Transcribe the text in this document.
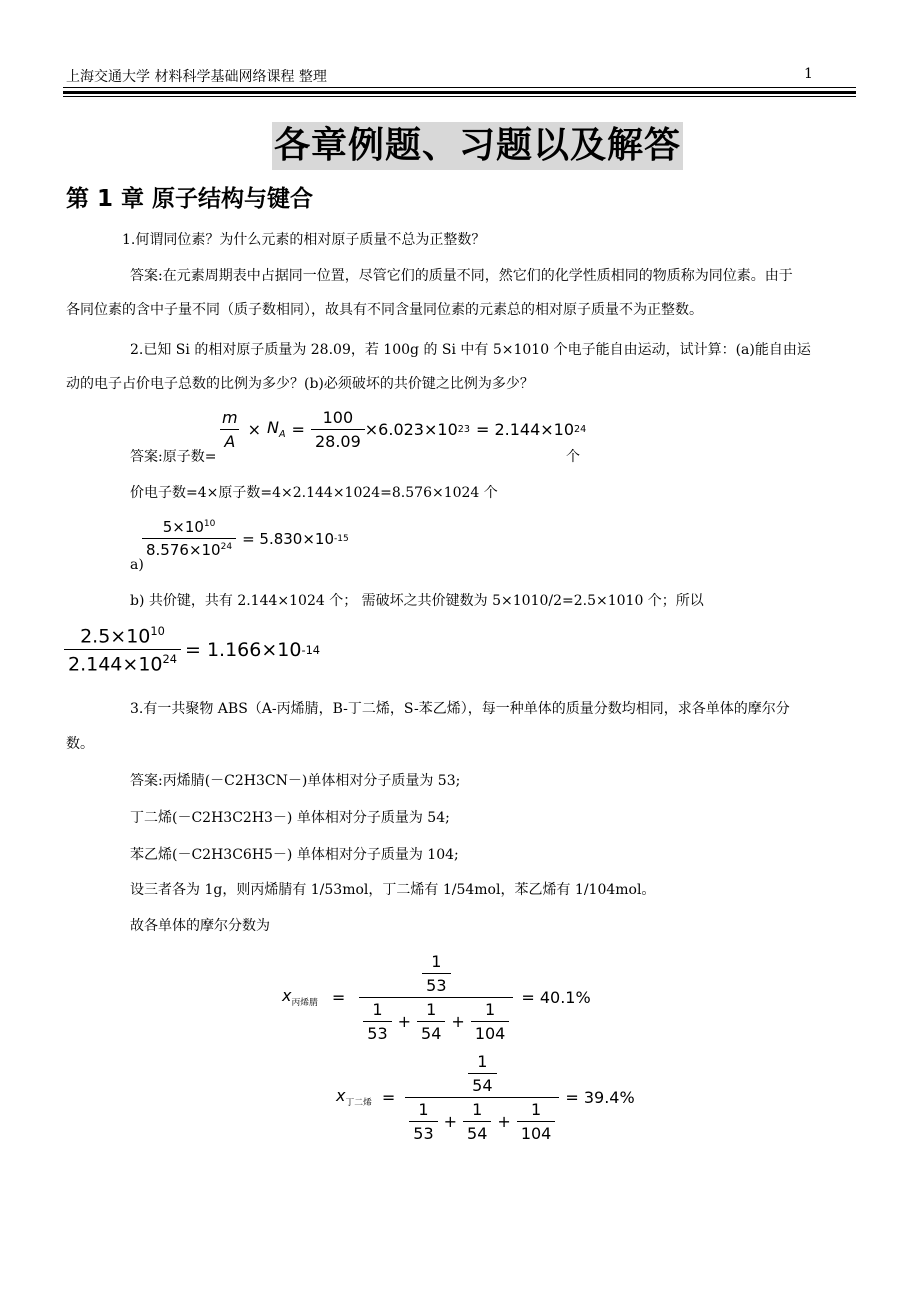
上海交通大学 材料科学基础网络课程 整理	1
各章例题、习题以及解答
第 1 章 原子结构与键合
1.何谓同位素？为什么元素的相对原子质量不总为正整数？
答案:在元素周期表中占据同一位置，尽管它们的质量不同，然它们的化学性质相同的物质称为同位素。由于
各同位素的含中子量不同（质子数相同），故具有不同含量同位素的元素总的相对原子质量不为正整数。
2.已知 Si 的相对原子质量为 28.09，若 100g 的 Si 中有 5×1010 个电子能自由运动，试计算：(a)能自由运
动的电子占价电子总数的比例为多少？(b)必须破坏的共价键之比例为多少？
$\frac{m}{A} \times N_A = \frac{100}{28.09} \times 6.023\times 10$ 23 = 2.144×10 24
答案:原子数=	个
价电子数=4×原子数=4×2.144×1024=8.576×1024 个
a)
$\frac{5\times 10^{10}}{8.576\times 10^{24}} = 5.830\times 10$ -15
b) 共价键，共有 2.144×1024 个； 需破坏之共价键数为 5×1010/2=2.5×1010 个；所以
$\frac{2.5\times 10^{10}}{2.144\times 10^{24}} = 1.166\times 10$ -14
3.有一共聚物 ABS（A-丙烯腈，B-丁二烯，S-苯乙烯），每一种单体的质量分数均相同，求各单体的摩尔分
数。
答案:丙烯腈(－C2H3CN－)单体相对分子质量为 53;
丁二烯(－C2H3C2H3－) 单体相对分子质量为 54;
苯乙烯(－C2H3C6H5－) 单体相对分子质量为 104;
设三者各为 1g，则丙烯腈有 1/53mol，丁二烯有 1/54mol，苯乙烯有 1/104mol。
故各单体的摩尔分数为
$x_{丙烯腈} = \frac{\frac{1}{53}}{\frac{1}{53} + \frac{1}{54} + \frac{1}{104}} = 40.1\%$
$x_{丁二烯} = \frac{\frac{1}{54}}{\frac{1}{53} + \frac{1}{54} + \frac{1}{104}} = 39.4\%$
